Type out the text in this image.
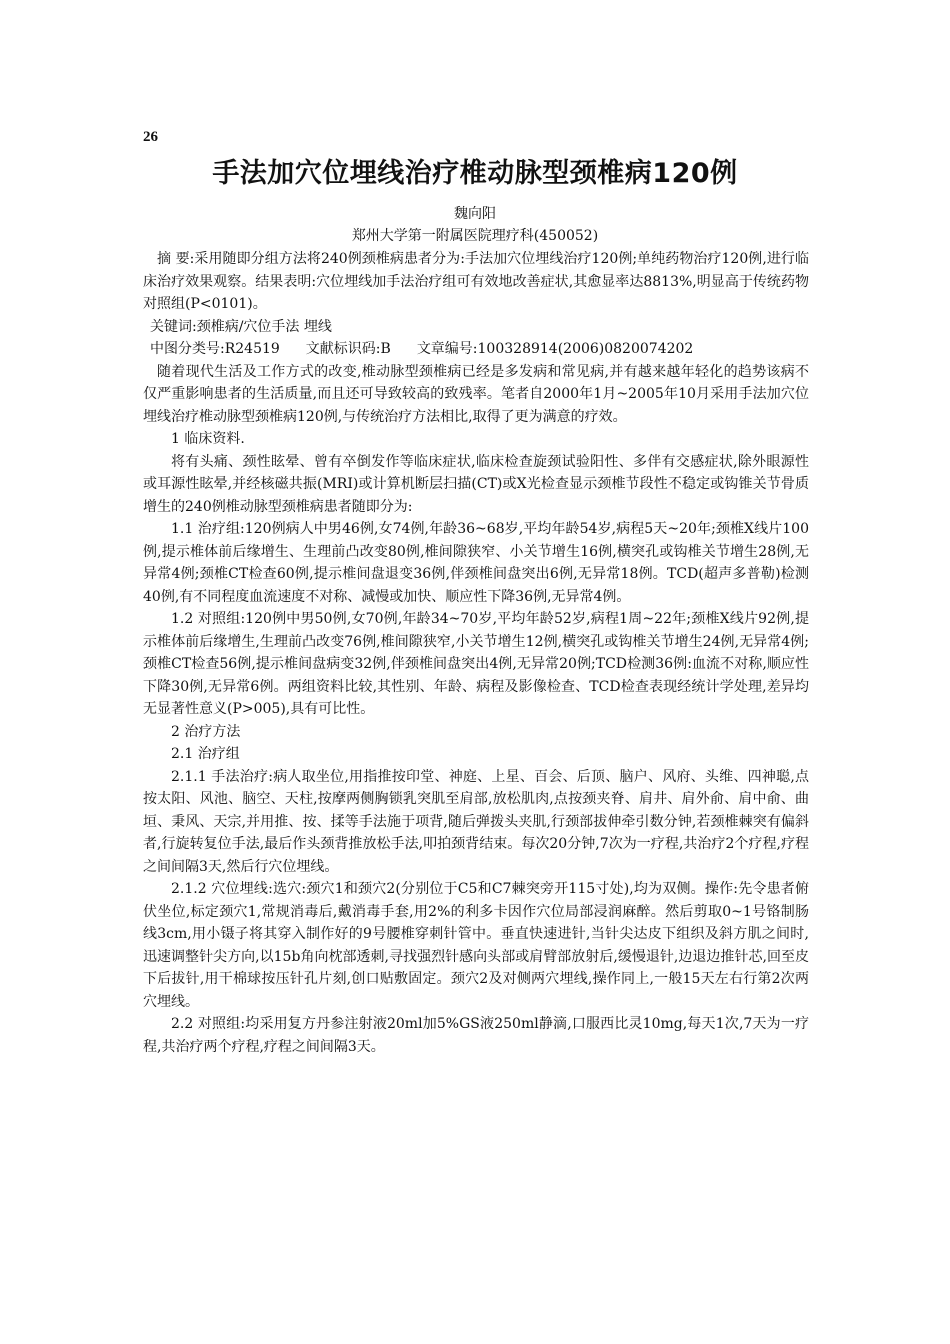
26
手法加穴位埋线治疗椎动脉型颈椎病120例
魏向阳
郑州大学第一附属医院理疗科(450052)

摘 要:采用随即分组方法将240例颈椎病患者分为:手法加穴位埋线治疗120例;单纯药物治疗120例,进行临床治疗效果观察。结果表明:穴位埋线加手法治疗组可有效地改善症状,其愈显率达8813%,明显高于传统药物对照组(P<0101)。

关键词:颈椎病/穴位手法 埋线

中图分类号:R24519 文献标识码:B 文章编号:100328914(2006)0820074202

随着现代生活及工作方式的改变,椎动脉型颈椎病已经是多发病和常见病,并有越来越年轻化的趋势该病不仅严重影响患者的生活质量,而且还可导致较高的致残率。笔者自2000年1月~2005年10月采用手法加穴位埋线治疗椎动脉型颈椎病120例,与传统治疗方法相比,取得了更为满意的疗效。

1 临床资料.

将有头痛、颈性眩晕、曾有卒倒发作等临床症状,临床检查旋颈试验阳性、多伴有交感症状,除外眼源性或耳源性眩晕,并经核磁共振(MRI)或计算机断层扫描(CT)或X光检查显示颈椎节段性不稳定或钩锥关节骨质增生的240例椎动脉型颈椎病患者随即分为:

1.1 治疗组:120例病人中男46例,女74例,年龄36~68岁,平均年龄54岁,病程5天~20年;颈椎X线片100例,提示椎体前后缘增生、生理前凸改变80例,椎间隙狭窄、小关节增生16例,横突孔或钩椎关节增生28例,无异常4例;颈椎CT检查60例,提示椎间盘退变36例,伴颈椎间盘突出6例,无异常18例。TCD(超声多普勒)检测40例,有不同程度血流速度不对称、减慢或加快、顺应性下降36例,无异常4例。

1.2 对照组:120例中男50例,女70例,年龄34~70岁,平均年龄52岁,病程1周~22年;颈椎X线片92例,提示椎体前后缘增生,生理前凸改变76例,椎间隙狭窄,小关节增生12例,横突孔或钩椎关节增生24例,无异常4例;颈椎CT检查56例,提示椎间盘病变32例,伴颈椎间盘突出4例,无异常20例;TCD检测36例:血流不对称,顺应性下降30例,无异常6例。两组资料比较,其性别、年龄、病程及影像检查、TCD检查表现经统计学处理,差异均无显著性意义(P>005),具有可比性。

2 治疗方法

2.1 治疗组

2.1.1 手法治疗:病人取坐位,用指推按印堂、神庭、上星、百会、后顶、脑户、风府、头维、四神聪,点按太阳、风池、脑空、天柱,按摩两侧胸锁乳突肌至肩部,放松肌肉,点按颈夹脊、肩井、肩外俞、肩中俞、曲垣、秉风、天宗,并用推、按、揉等手法施于项背,随后弹拨头夹肌,行颈部拔伸牵引数分钟,若颈椎棘突有偏斜者,行旋转复位手法,最后作头颈背推放松手法,叩拍颈背结束。每次20分钟,7次为一疗程,共治疗2个疗程,疗程之间间隔3天,然后行穴位埋线。

2.1.2 穴位埋线:选穴:颈穴1和颈穴2(分别位于C5和C7棘突旁开115寸处),均为双侧。操作:先令患者俯伏坐位,标定颈穴1,常规消毒后,戴消毒手套,用2%的利多卡因作穴位局部浸润麻醉。然后剪取0~1号铬制肠线3cm,用小镊子将其穿入制作好的9号腰椎穿刺针管中。垂直快速进针,当针尖达皮下组织及斜方肌之间时,迅速调整针尖方向,以15b角向枕部透刺,寻找强烈针感向头部或肩臂部放射后,缓慢退针,边退边推针芯,回至皮下后拔针,用干棉球按压针孔片刻,创口贴敷固定。颈穴2及对侧两穴埋线,操作同上,一般15天左右行第2次两穴埋线。

2.2 对照组:均采用复方丹参注射液20ml加5%GS液250ml静滴,口服西比灵10mg,每天1次,7天为一疗程,共治疗两个疗程,疗程之间间隔3天。
